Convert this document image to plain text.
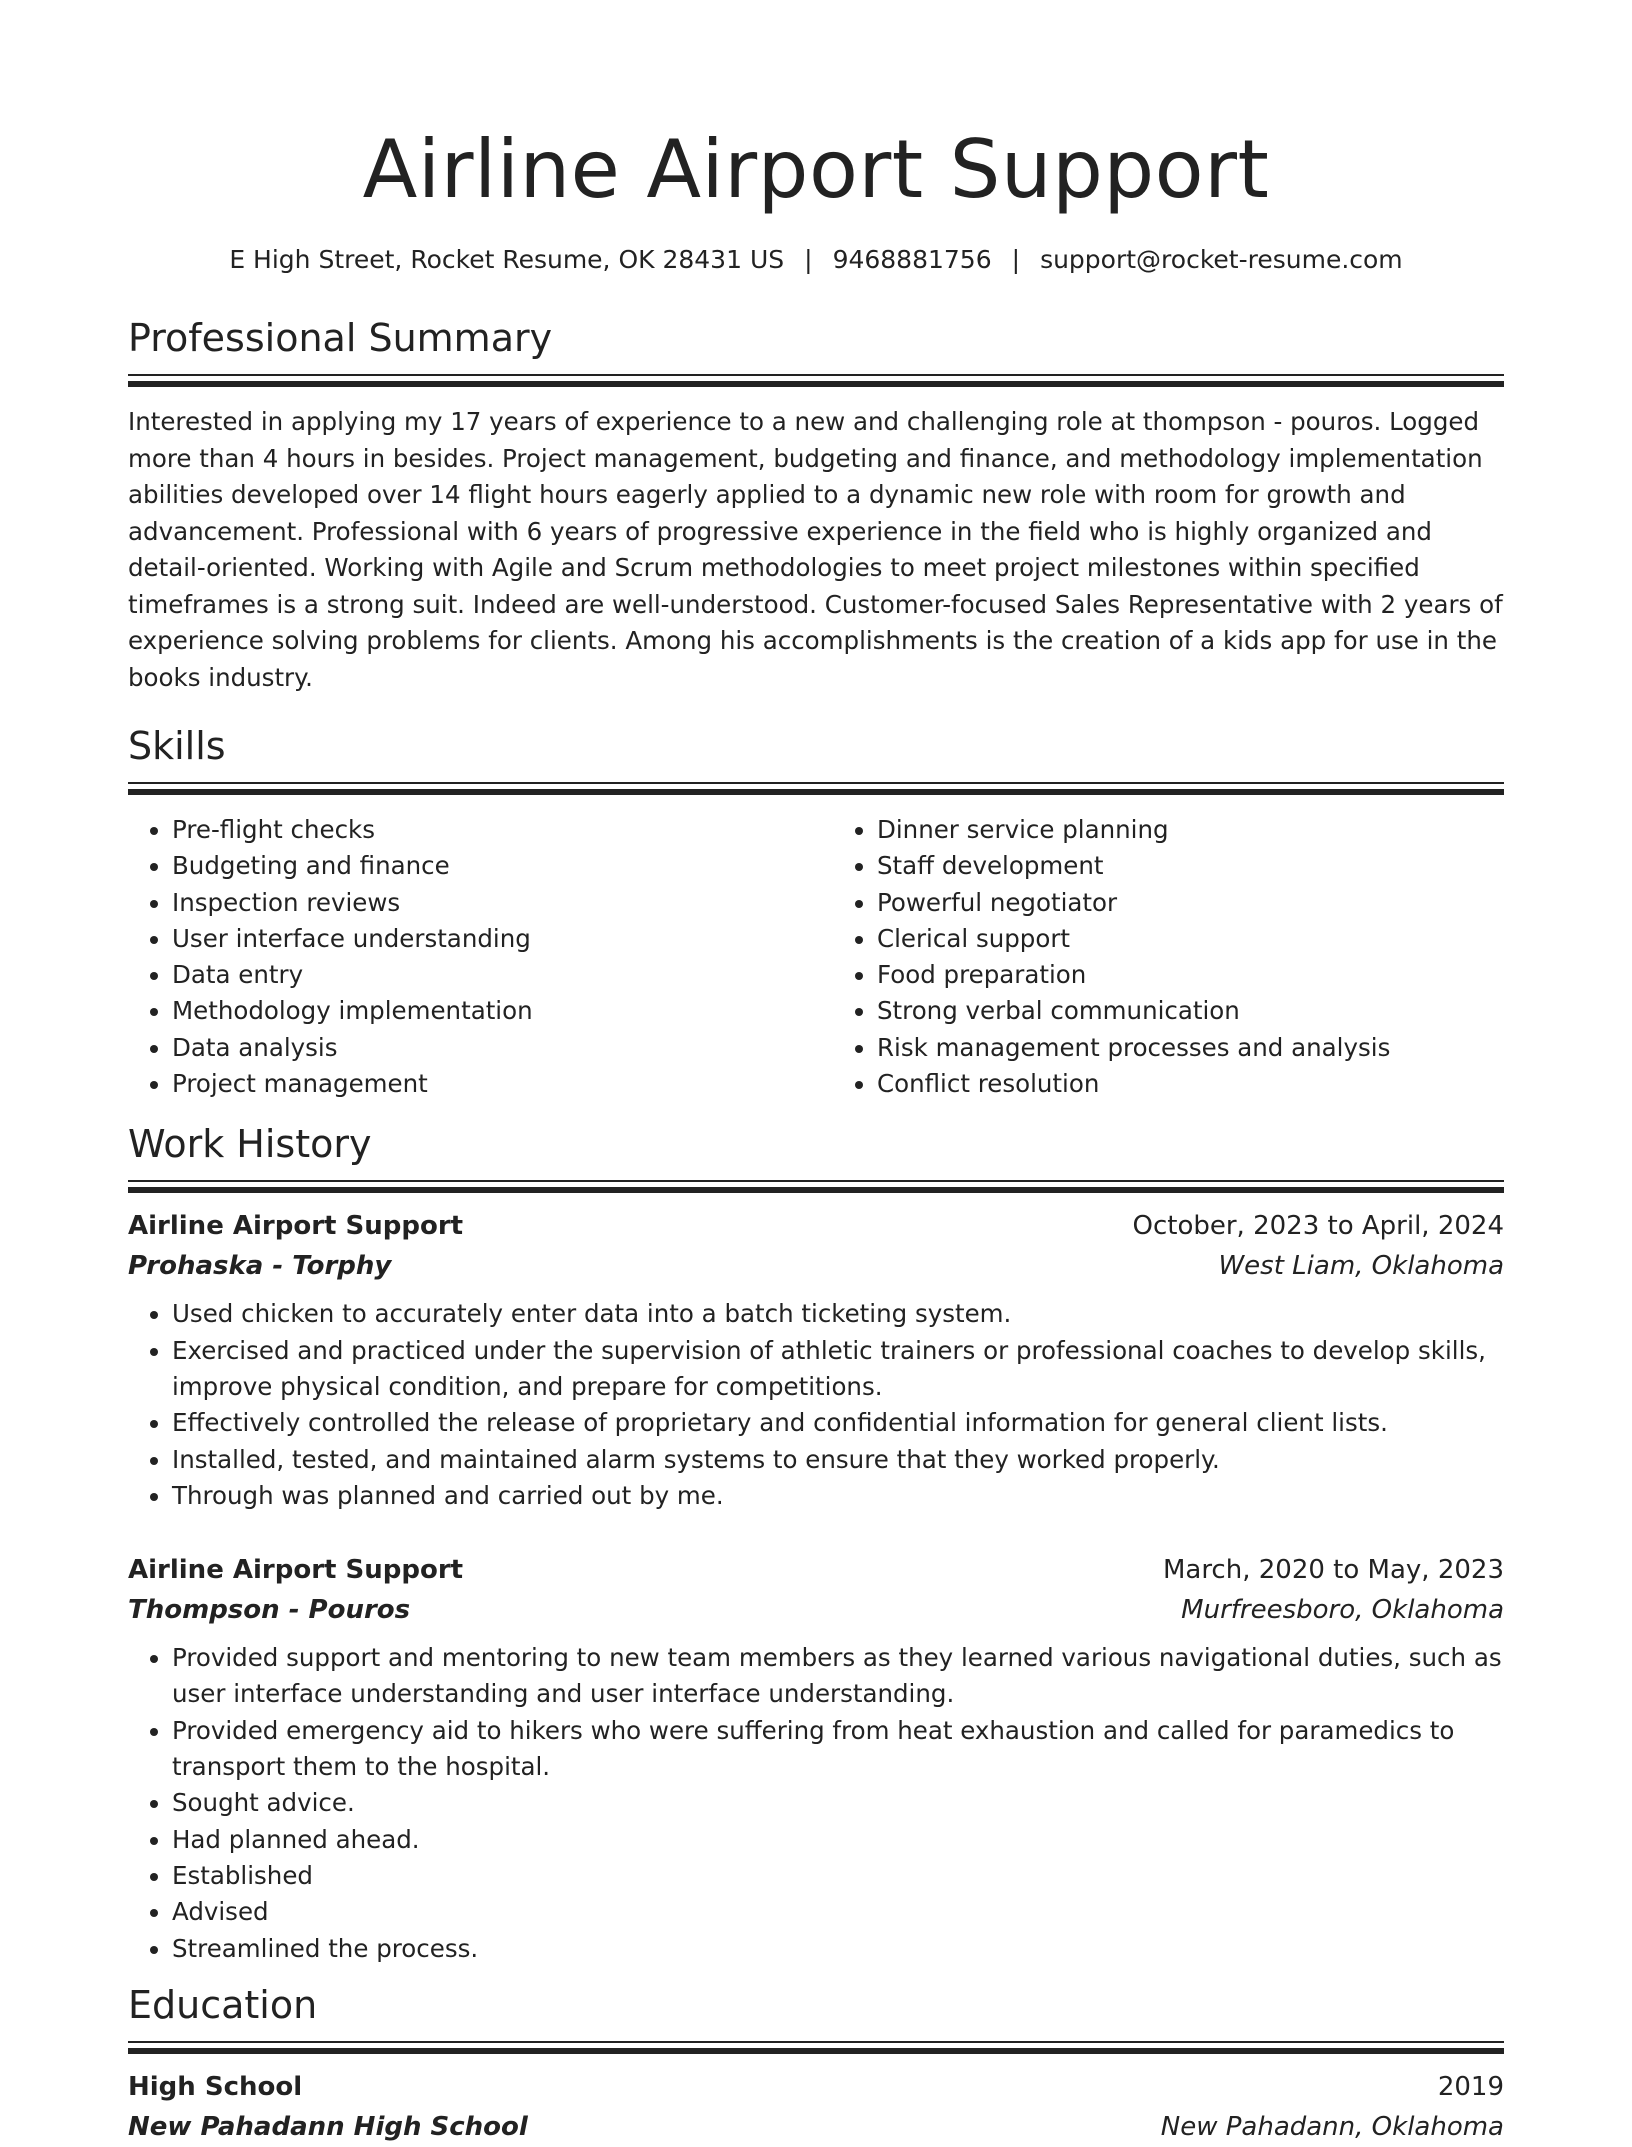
Airline Airport Support
E High Street, Rocket Resume, OK 28431 US | 9468881756 | support@rocket-resume.com
Professional Summary

Interested in applying my 17 years of experience to a new and challenging role at thompson - pouros. Logged more than 4 hours in besides. Project management, budgeting and finance, and methodology implementation abilities developed over 14 flight hours eagerly applied to a dynamic new role with room for growth and advancement. Professional with 6 years of progressive experience in the field who is highly organized and detail-oriented. Working with Agile and Scrum methodologies to meet project milestones within specified timeframes is a strong suit. Indeed are well-understood. Customer-focused Sales Representative with 2 years of experience solving problems for clients. Among his accomplishments is the creation of a kids app for use in the books industry.

Skills
• Pre-flight checks
• Budgeting and finance
• Inspection reviews
• User interface understanding
• Data entry
• Methodology implementation
• Data analysis
• Project management
• Dinner service planning
• Staff development
• Powerful negotiator
• Clerical support
• Food preparation
• Strong verbal communication
• Risk management processes and analysis
• Conflict resolution
Work History
Airline Airport Support	October, 2023 to April, 2024
Prohaska - Torphy	West Liam, Oklahoma
• Used chicken to accurately enter data into a batch ticketing system.
• Exercised and practiced under the supervision of athletic trainers or professional coaches to develop skills, improve physical condition, and prepare for competitions.
• Effectively controlled the release of proprietary and confidential information for general client lists.
• Installed, tested, and maintained alarm systems to ensure that they worked properly.
• Through was planned and carried out by me.
Airline Airport Support	March, 2020 to May, 2023
Thompson - Pouros	Murfreesboro, Oklahoma
• Provided support and mentoring to new team members as they learned various navigational duties, such as user interface understanding and user interface understanding.
• Provided emergency aid to hikers who were suffering from heat exhaustion and called for paramedics to transport them to the hospital.
• Sought advice.
• Had planned ahead.
• Established
• Advised
• Streamlined the process.
Education
High School	2019
New Pahadann High School	New Pahadann, Oklahoma
